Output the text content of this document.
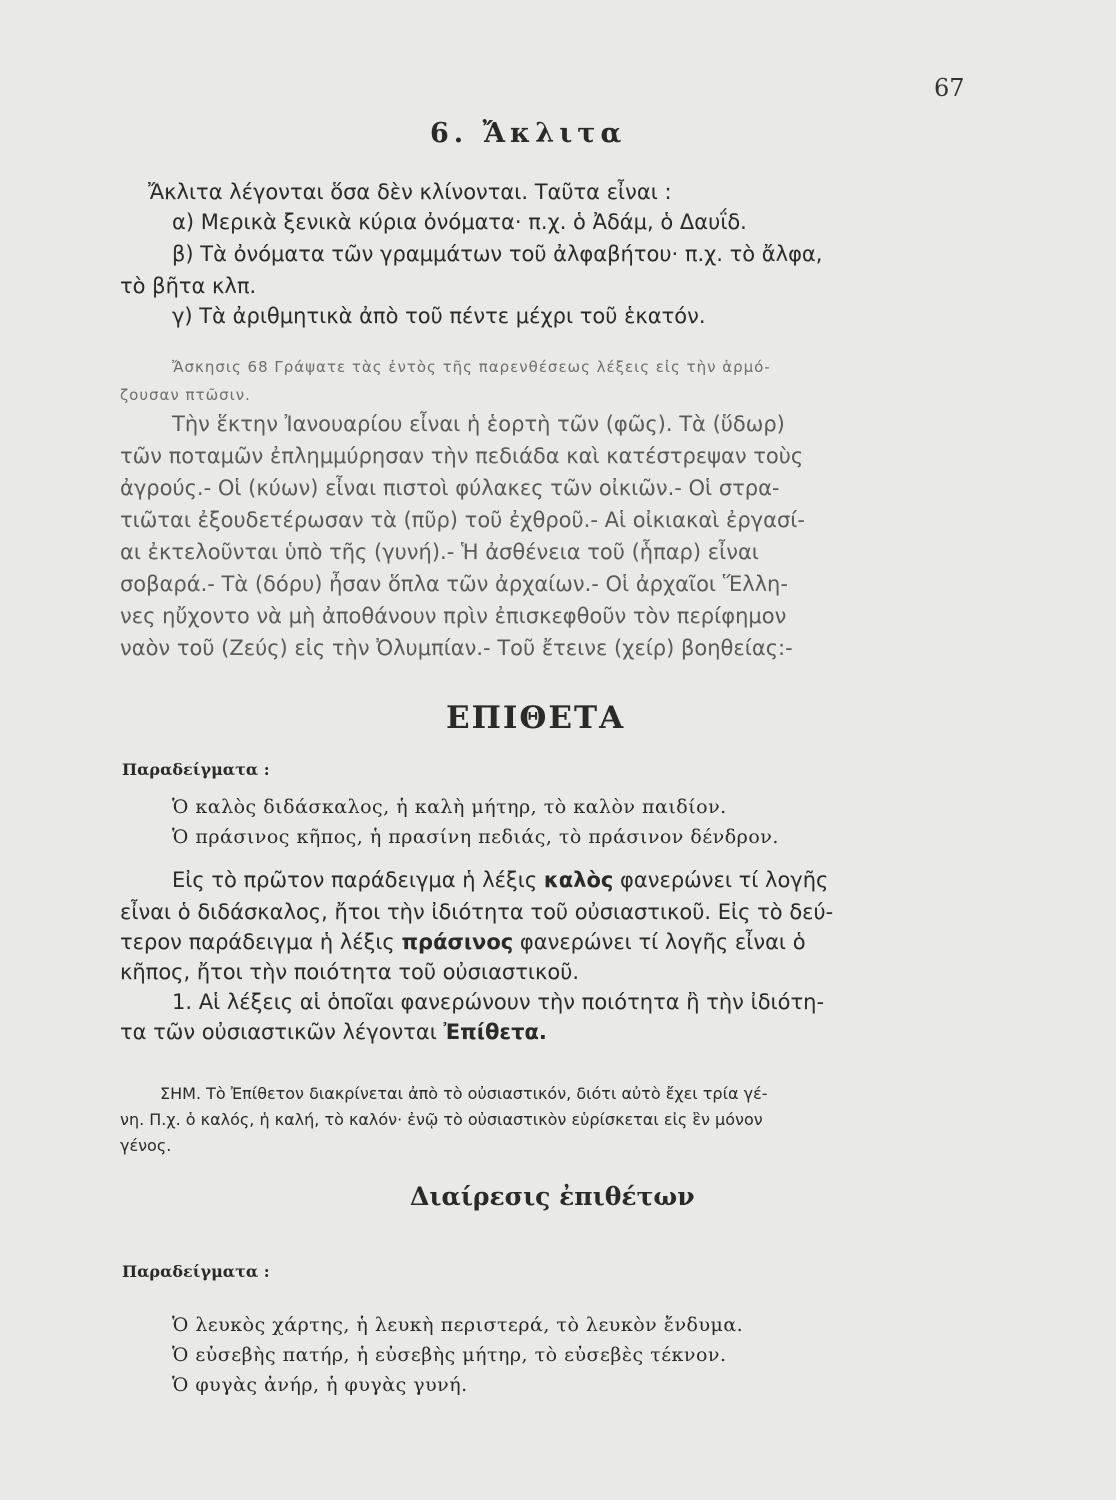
67
6. Ἄκλιτα
Ἄκλιτα λέγονται ὅσα δὲν κλίνονται. Ταῦτα εἶναι :
α) Μερικὰ ξενικὰ κύρια ὀνόματα· π.χ. ὁ Ἀδάμ, ὁ Δαυΐδ.
β) Τὰ ὀνόματα τῶν γραμμάτων τοῦ ἀλφαβήτου· π.χ. τὸ ἄλφα,
τὸ βῆτα κλπ.
γ) Τὰ ἀριθμητικὰ ἀπὸ τοῦ πέντε μέχρι τοῦ ἑκατόν.
Ἄσκησις 68 Γράψατε τὰς ἐντὸς τῆς παρενθέσεως λέξεις εἰς τὴν ἁρμό-
ζουσαν πτῶσιν.
Τὴν ἕκτην Ἰανουαρίου εἶναι ἡ ἑορτὴ τῶν (φῶς). Τὰ (ὕδωρ)
τῶν ποταμῶν ἐπλημμύρησαν τὴν πεδιάδα καὶ κατέστρεψαν τοὺς
ἀγρούς.- Οἱ (κύων) εἶναι πιστοὶ φύλακες τῶν οἰκιῶν.- Οἱ στρα-
τιῶται ἐξουδετέρωσαν τὰ (πῦρ) τοῦ ἐχθροῦ.- Αἱ οἰκιακαὶ ἐργασί-
αι ἐκτελοῦνται ὑπὸ τῆς (γυνή).- Ἡ ἀσθένεια τοῦ (ἧπαρ) εἶναι
σοβαρά.- Τὰ (δόρυ) ἦσαν ὅπλα τῶν ἀρχαίων.- Οἱ ἀρχαῖοι Ἕλλη-
νες ηὔχοντο νὰ μὴ ἀποθάνουν πρὶν ἐπισκεφθοῦν τὸν περίφημον
ναὸν τοῦ (Ζεύς) εἰς τὴν Ὀλυμπίαν.- Τοῦ ἔτεινε (χείρ) βοηθείας:-
ΕΠΙΘΕΤΑ
Παραδείγματα :
Ὁ καλὸς διδάσκαλος, ἡ καλὴ μήτηρ, τὸ καλὸν παιδίον.
Ὁ πράσινος κῆπος, ἡ πρασίνη πεδιάς, τὸ πράσινον δένδρον.
Εἰς τὸ πρῶτον παράδειγμα ἡ λέξις καλὸς φανερώνει τί λογῆς
εἶναι ὁ διδάσκαλος, ἤτοι τὴν ἰδιότητα τοῦ οὐσιαστικοῦ. Εἰς τὸ δεύ-
τερον παράδειγμα ἡ λέξις πράσινος φανερώνει τί λογῆς εἶναι ὁ
κῆπος, ἤτοι τὴν ποιότητα τοῦ οὐσιαστικοῦ.
1. Αἱ λέξεις αἱ ὁποῖαι φανερώνουν τὴν ποιότητα ἢ τὴν ἰδιότη-
τα τῶν οὐσιαστικῶν λέγονται Ἐπίθετα.
ΣΗΜ. Τὸ Ἐπίθετον διακρίνεται ἀπὸ τὸ οὐσιαστικόν, διότι αὐτὸ ἔχει τρία γέ-
νη. Π.χ. ὁ καλός, ἡ καλή, τὸ καλόν· ἐνῷ τὸ οὐσιαστικὸν εὑρίσκεται εἰς ἓν μόνον
γένος.
Διαίρεσις ἐπιθέτων
Παραδείγματα :
Ὁ λευκὸς χάρτης, ἡ λευκὴ περιστερά, τὸ λευκὸν ἔνδυμα.
Ὁ εὐσεβὴς πατήρ, ἡ εὐσεβὴς μήτηρ, τὸ εὐσεβὲς τέκνον.
Ὁ φυγὰς ἀνήρ, ἡ φυγὰς γυνή.
